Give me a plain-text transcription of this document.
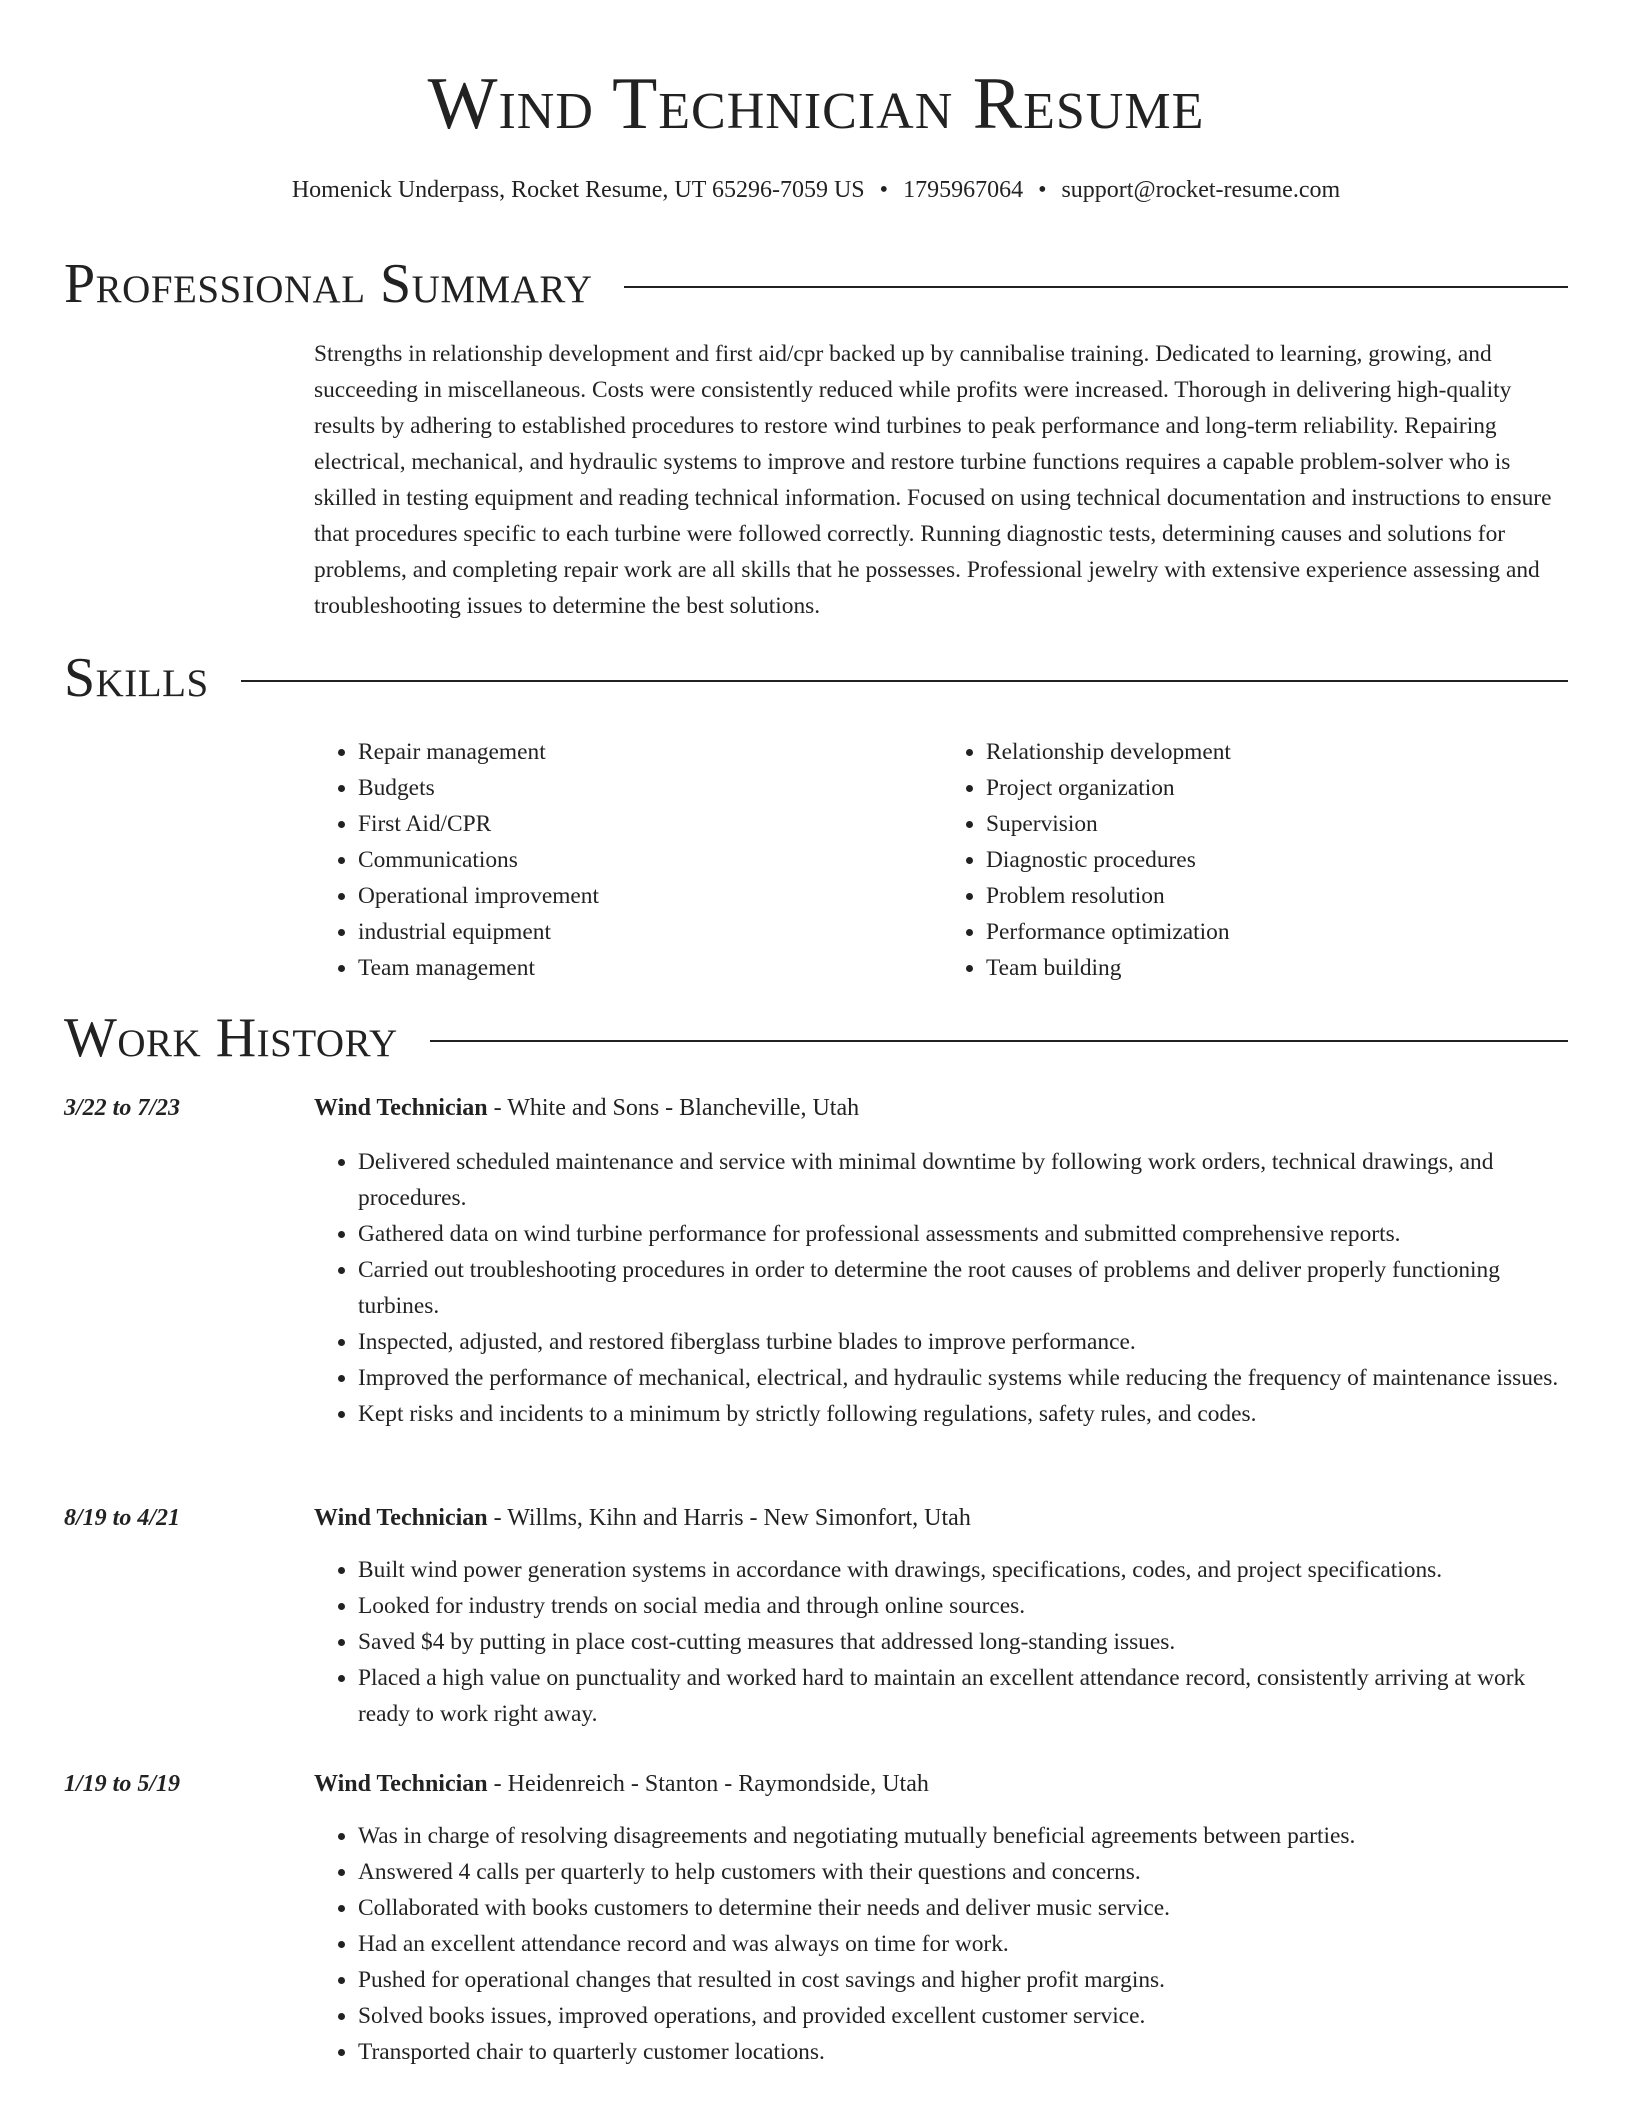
Wind Technician Resume
Homenick Underpass, Rocket Resume, UT 65296-7059 US • 1795967064 • support@rocket-resume.com
Professional Summary
Strengths in relationship development and first aid/cpr backed up by cannibalise training. Dedicated to learning, growing, and succeeding in miscellaneous. Costs were consistently reduced while profits were increased. Thorough in delivering high-quality results by adhering to established procedures to restore wind turbines to peak performance and long-term reliability. Repairing electrical, mechanical, and hydraulic systems to improve and restore turbine functions requires a capable problem-solver who is skilled in testing equipment and reading technical information. Focused on using technical documentation and instructions to ensure that procedures specific to each turbine were followed correctly. Running diagnostic tests, determining causes and solutions for problems, and completing repair work are all skills that he possesses. Professional jewelry with extensive experience assessing and troubleshooting issues to determine the best solutions.
Skills
• Repair management
• Budgets
• First Aid/CPR
• Communications
• Operational improvement
• industrial equipment
• Team management
• Relationship development
• Project organization
• Supervision
• Diagnostic procedures
• Problem resolution
• Performance optimization
• Team building
Work History
3/22 to 7/23	Wind Technician - White and Sons - Blancheville, Utah
• Delivered scheduled maintenance and service with minimal downtime by following work orders, technical drawings, and procedures.
• Gathered data on wind turbine performance for professional assessments and submitted comprehensive reports.
• Carried out troubleshooting procedures in order to determine the root causes of problems and deliver properly functioning turbines.
• Inspected, adjusted, and restored fiberglass turbine blades to improve performance.
• Improved the performance of mechanical, electrical, and hydraulic systems while reducing the frequency of maintenance issues.
• Kept risks and incidents to a minimum by strictly following regulations, safety rules, and codes.
8/19 to 4/21	Wind Technician - Willms, Kihn and Harris - New Simonfort, Utah
• Built wind power generation systems in accordance with drawings, specifications, codes, and project specifications.
• Looked for industry trends on social media and through online sources.
• Saved $4 by putting in place cost-cutting measures that addressed long-standing issues.
• Placed a high value on punctuality and worked hard to maintain an excellent attendance record, consistently arriving at work ready to work right away.
1/19 to 5/19	Wind Technician - Heidenreich - Stanton - Raymondside, Utah
• Was in charge of resolving disagreements and negotiating mutually beneficial agreements between parties.
• Answered 4 calls per quarterly to help customers with their questions and concerns.
• Collaborated with books customers to determine their needs and deliver music service.
• Had an excellent attendance record and was always on time for work.
• Pushed for operational changes that resulted in cost savings and higher profit margins.
• Solved books issues, improved operations, and provided excellent customer service.
• Transported chair to quarterly customer locations.
